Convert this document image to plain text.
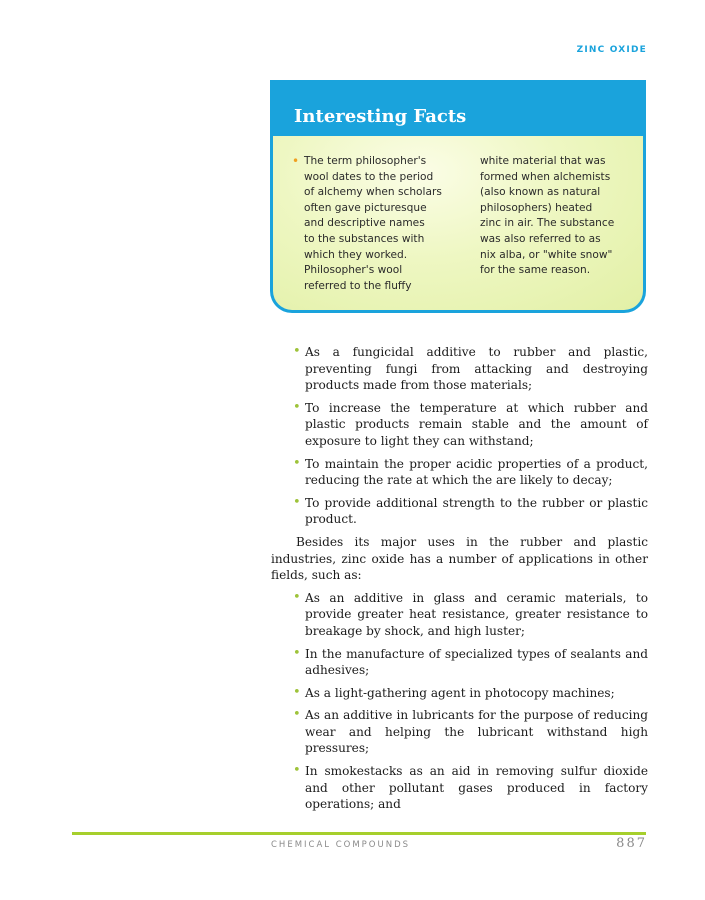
ZINC OXIDE
Interesting Facts
• The term philosopher's
wool dates to the period
of alchemy when scholars
often gave picturesque
and descriptive names
to the substances with
which they worked.
Philosopher's wool
referred to the fluffy
white material that was
formed when alchemists
(also known as natural
philosophers) heated
zinc in air. The substance
was also referred to as
nix alba, or "white snow"
for the same reason.
• As a fungicidal additive to rubber and plastic, preventing fungi from attacking and destroying products made from those materials;
• To increase the temperature at which rubber and plastic products remain stable and the amount of exposure to light they can withstand;
• To maintain the proper acidic properties of a product, reducing the rate at which the are likely to decay;
• To provide additional strength to the rubber or plastic product.

Besides its major uses in the rubber and plastic industries, zinc oxide has a number of applications in other fields, such as:

• As an additive in glass and ceramic materials, to provide greater heat resistance, greater resistance to breakage by shock, and high luster;
• In the manufacture of specialized types of sealants and adhesives;
• As a light-gathering agent in photocopy machines;
• As an additive in lubricants for the purpose of reducing wear and helping the lubricant withstand high pressures;
• In smokestacks as an aid in removing sulfur dioxide and other pollutant gases produced in factory operations; and
CHEMICAL COMPOUNDS	887
